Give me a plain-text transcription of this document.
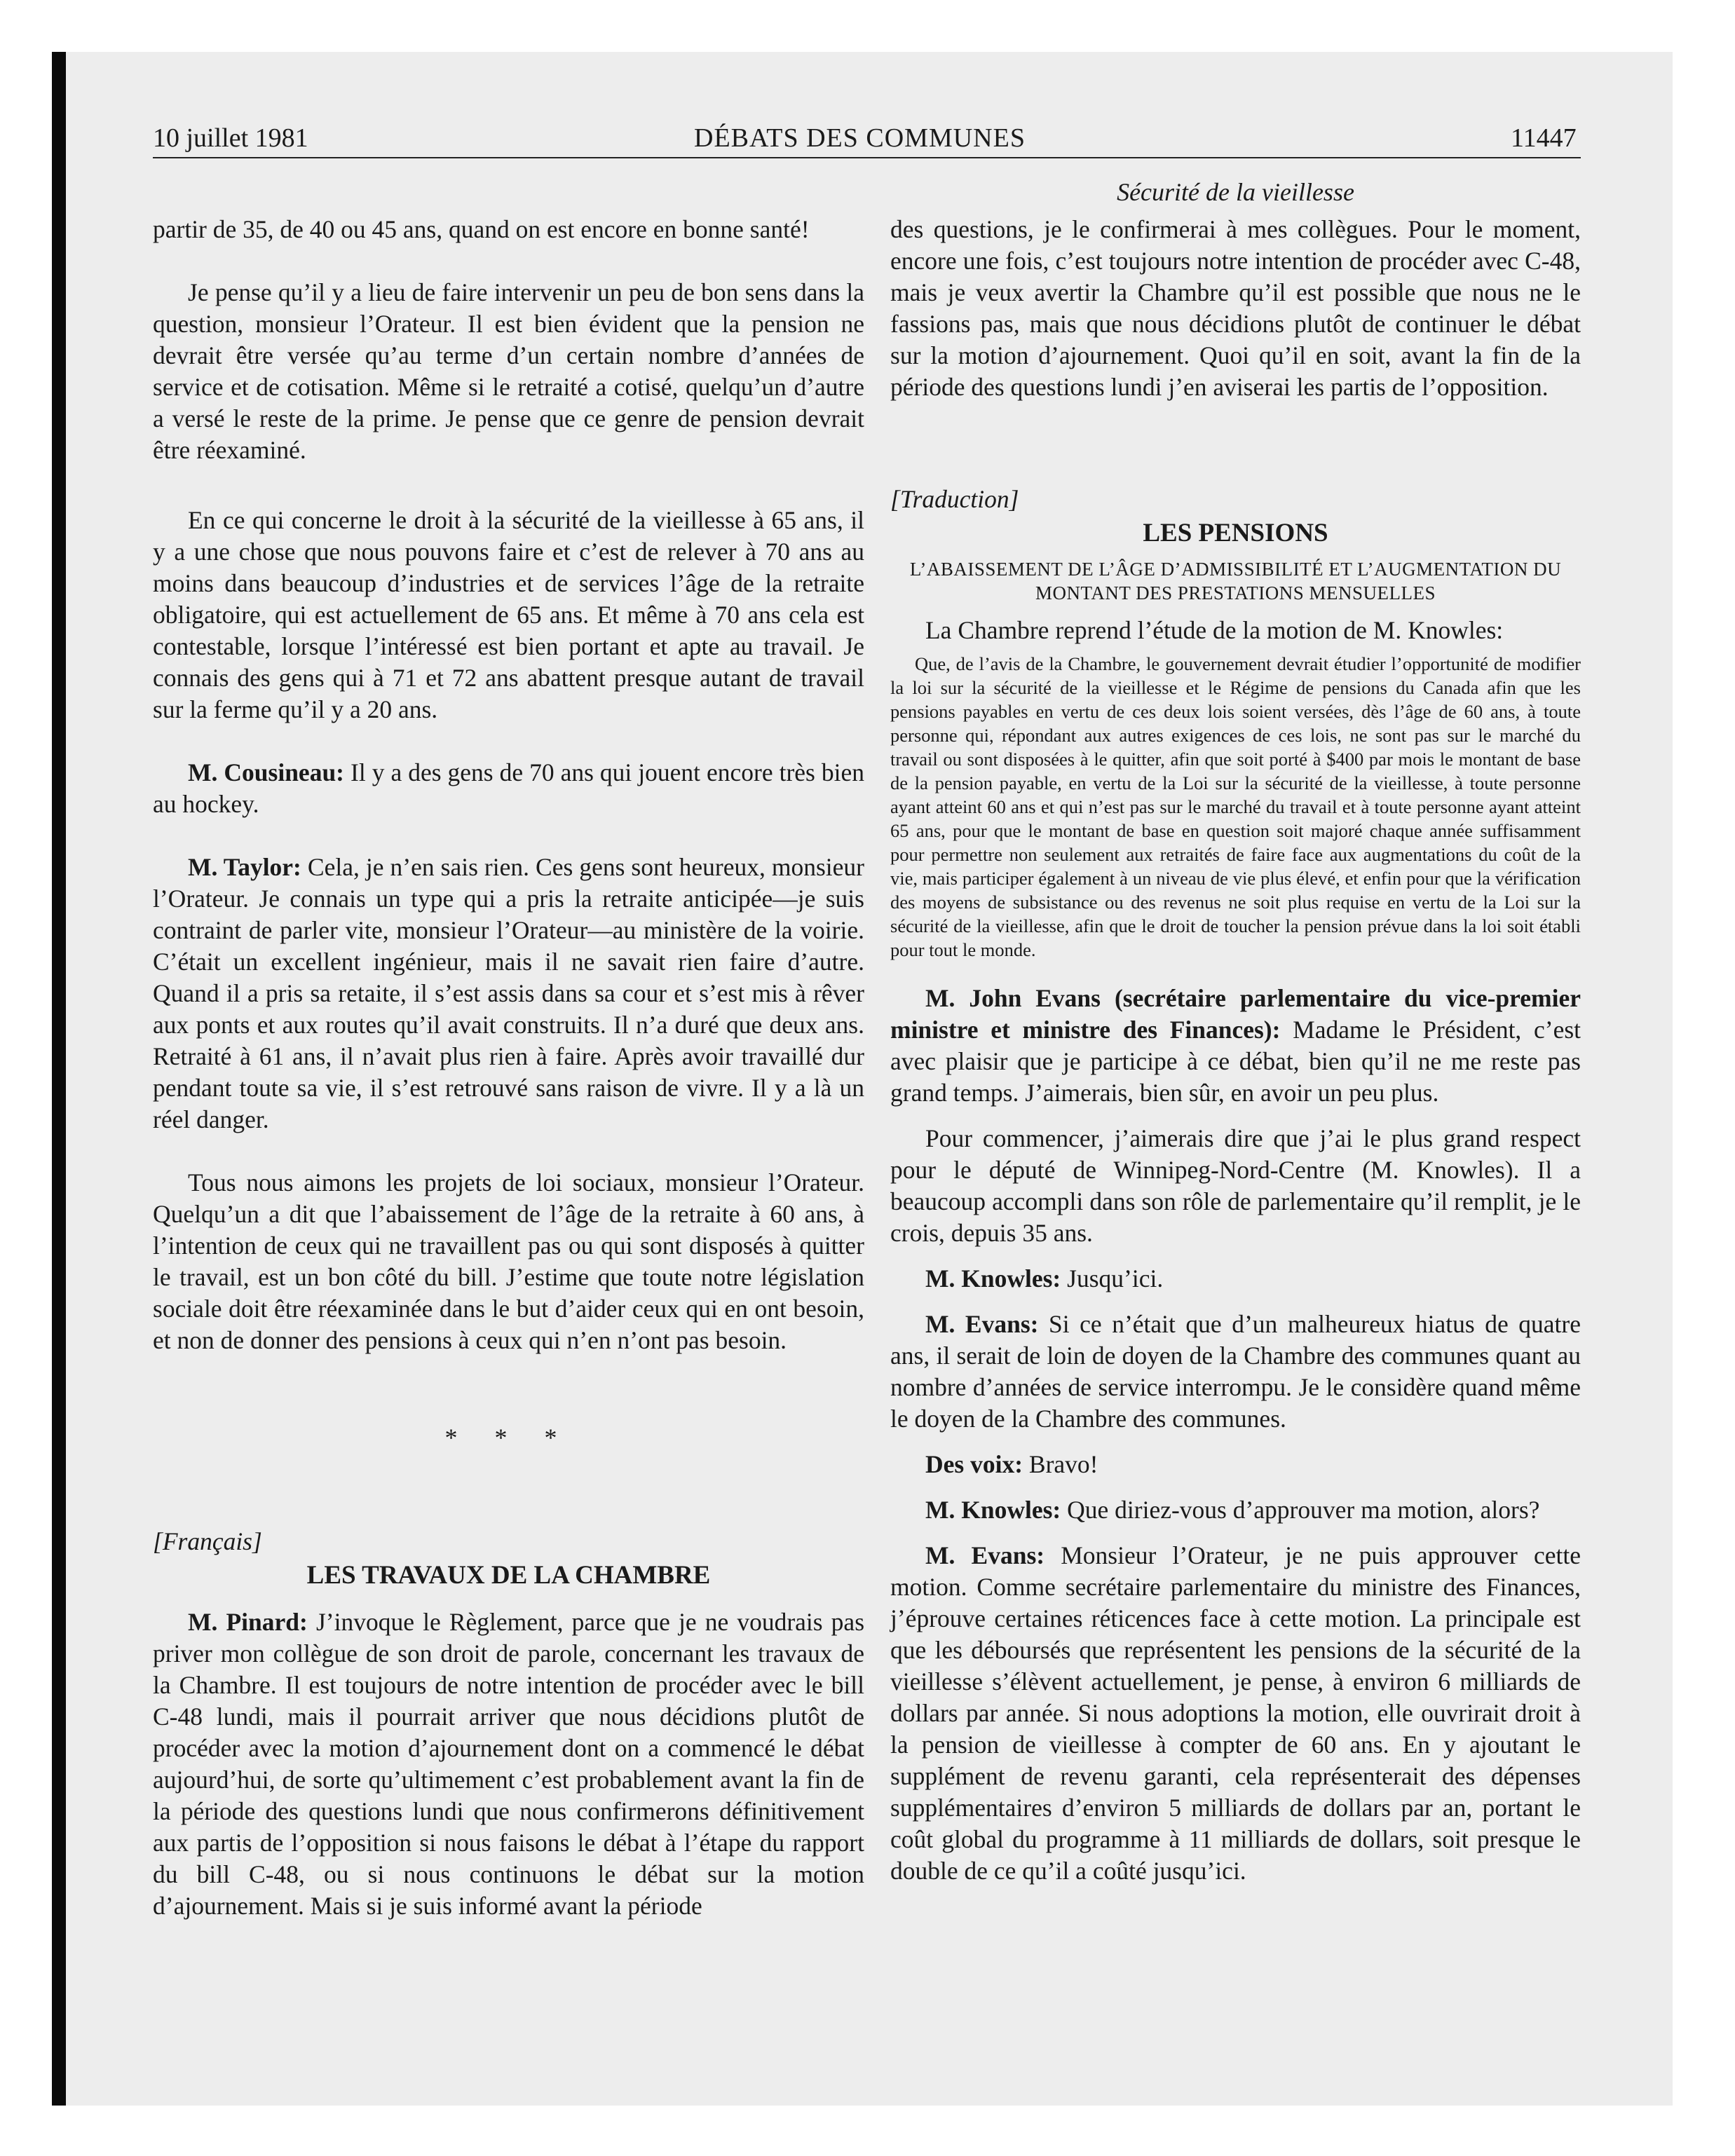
10 juillet 1981	DÉBATS DES COMMUNES	11447
Sécurité de la vieillesse

partir de 35, de 40 ou 45 ans, quand on est encore en bonne santé!

Je pense qu’il y a lieu de faire intervenir un peu de bon sens dans la question, monsieur l’Orateur. Il est bien évident que la pension ne devrait être versée qu’au terme d’un certain nombre d’années de service et de cotisation. Même si le retraité a cotisé, quelqu’un d’autre a versé le reste de la prime. Je pense que ce genre de pension devrait être réexaminé.

En ce qui concerne le droit à la sécurité de la vieillesse à 65 ans, il y a une chose que nous pouvons faire et c’est de relever à 70 ans au moins dans beaucoup d’industries et de services l’âge de la retraite obligatoire, qui est actuellement de 65 ans. Et même à 70 ans cela est contestable, lorsque l’intéressé est bien portant et apte au travail. Je connais des gens qui à 71 et 72 ans abattent presque autant de travail sur la ferme qu’il y a 20 ans.

M. Cousineau: Il y a des gens de 70 ans qui jouent encore très bien au hockey.

M. Taylor: Cela, je n’en sais rien. Ces gens sont heureux, monsieur l’Orateur. Je connais un type qui a pris la retraite anticipée—je suis contraint de parler vite, monsieur l’Orateur—au ministère de la voirie. C’était un excellent ingénieur, mais il ne savait rien faire d’autre. Quand il a pris sa retaite, il s’est assis dans sa cour et s’est mis à rêver aux ponts et aux routes qu’il avait construits. Il n’a duré que deux ans. Retraité à 61 ans, il n’avait plus rien à faire. Après avoir travaillé dur pendant toute sa vie, il s’est retrouvé sans raison de vivre. Il y a là un réel danger.

Tous nous aimons les projets de loi sociaux, monsieur l’Orateur. Quelqu’un a dit que l’abaissement de l’âge de la retraite à 60 ans, à l’intention de ceux qui ne travaillent pas ou qui sont disposés à quitter le travail, est un bon côté du bill. J’estime que toute notre législation sociale doit être réexaminée dans le but d’aider ceux qui en ont besoin, et non de donner des pensions à ceux qui n’en n’ont pas besoin.

* * *
[Français]
LES TRAVAUX DE LA CHAMBRE

M. Pinard: J’invoque le Règlement, parce que je ne voudrais pas priver mon collègue de son droit de parole, concernant les travaux de la Chambre. Il est toujours de notre intention de procéder avec le bill C-48 lundi, mais il pourrait arriver que nous décidions plutôt de procéder avec la motion d’ajournement dont on a commencé le débat aujourd’hui, de sorte qu’ultimement c’est probablement avant la fin de la période des questions lundi que nous confirmerons définitivement aux partis de l’opposition si nous faisons le débat à l’étape du rapport du bill C-48, ou si nous continuons le débat sur la motion d’ajournement. Mais si je suis informé avant la période

des questions, je le confirmerai à mes collègues. Pour le moment, encore une fois, c’est toujours notre intention de procéder avec C-48, mais je veux avertir la Chambre qu’il est possible que nous ne le fassions pas, mais que nous décidions plutôt de continuer le débat sur la motion d’ajournement. Quoi qu’il en soit, avant la fin de la période des questions lundi j’en aviserai les partis de l’opposition.

[Traduction]
LES PENSIONS
L’ABAISSEMENT DE L’ÂGE D’ADMISSIBILITÉ ET L’AUGMENTATION DU MONTANT DES PRESTATIONS MENSUELLES

La Chambre reprend l’étude de la motion de M. Knowles:

Que, de l’avis de la Chambre, le gouvernement devrait étudier l’opportunité de modifier la loi sur la sécurité de la vieillesse et le Régime de pensions du Canada afin que les pensions payables en vertu de ces deux lois soient versées, dès l’âge de 60 ans, à toute personne qui, répondant aux autres exigences de ces lois, ne sont pas sur le marché du travail ou sont disposées à le quitter, afin que soit porté à $400 par mois le montant de base de la pension payable, en vertu de la Loi sur la sécurité de la vieillesse, à toute personne ayant atteint 60 ans et qui n’est pas sur le marché du travail et à toute personne ayant atteint 65 ans, pour que le montant de base en question soit majoré chaque année suffisamment pour permettre non seulement aux retraités de faire face aux augmentations du coût de la vie, mais participer également à un niveau de vie plus élevé, et enfin pour que la vérification des moyens de subsistance ou des revenus ne soit plus requise en vertu de la Loi sur la sécurité de la vieillesse, afin que le droit de toucher la pension prévue dans la loi soit établi pour tout le monde.

M. John Evans (secrétaire parlementaire du vice-premier ministre et ministre des Finances): Madame le Président, c’est avec plaisir que je participe à ce débat, bien qu’il ne me reste pas grand temps. J’aimerais, bien sûr, en avoir un peu plus.

Pour commencer, j’aimerais dire que j’ai le plus grand respect pour le député de Winnipeg-Nord-Centre (M. Knowles). Il a beaucoup accompli dans son rôle de parlementaire qu’il remplit, je le crois, depuis 35 ans.

M. Knowles: Jusqu’ici.

M. Evans: Si ce n’était que d’un malheureux hiatus de quatre ans, il serait de loin de doyen de la Chambre des communes quant au nombre d’années de service interrompu. Je le considère quand même le doyen de la Chambre des communes.

Des voix: Bravo!

M. Knowles: Que diriez-vous d’approuver ma motion, alors?

M. Evans: Monsieur l’Orateur, je ne puis approuver cette motion. Comme secrétaire parlementaire du ministre des Finances, j’éprouve certaines réticences face à cette motion. La principale est que les déboursés que représentent les pensions de la sécurité de la vieillesse s’élèvent actuellement, je pense, à environ 6 milliards de dollars par année. Si nous adoptions la motion, elle ouvrirait droit à la pension de vieillesse à compter de 60 ans. En y ajoutant le supplément de revenu garanti, cela représenterait des dépenses supplémentaires d’environ 5 milliards de dollars par an, portant le coût global du programme à 11 milliards de dollars, soit presque le double de ce qu’il a coûté jusqu’ici.
